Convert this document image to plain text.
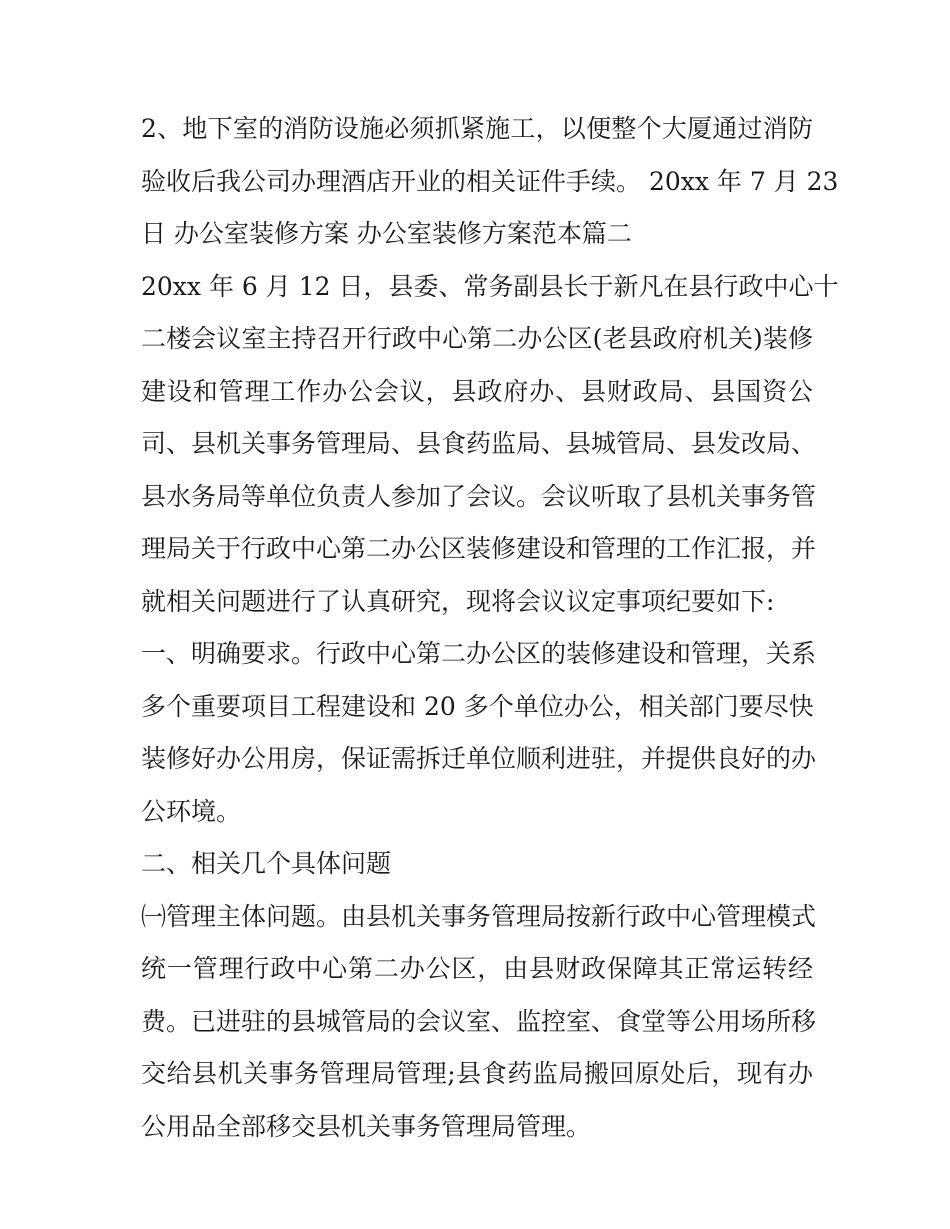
2、地下室的消防设施必须抓紧施工，以便整个大厦通过消防
验收后我公司办理酒店开业的相关证件手续。 20xx 年 7 月 23
日 办公室装修方案 办公室装修方案范本篇二
20xx 年 6 月 12 日，县委、常务副县长于新凡在县行政中心十
二楼会议室主持召开行政中心第二办公区(老县政府机关)装修
建设和管理工作办公会议，县政府办、县财政局、县国资公
司、县机关事务管理局、县食药监局、县城管局、县发改局、
县水务局等单位负责人参加了会议。会议听取了县机关事务管
理局关于行政中心第二办公区装修建设和管理的工作汇报，并
就相关问题进行了认真研究，现将会议议定事项纪要如下:
一、明确要求。行政中心第二办公区的装修建设和管理，关系
多个重要项目工程建设和 20 多个单位办公，相关部门要尽快
装修好办公用房，保证需拆迁单位顺利进驻，并提供良好的办
公环境。
二、相关几个具体问题
㈠管理主体问题。由县机关事务管理局按新行政中心管理模式
统一管理行政中心第二办公区，由县财政保障其正常运转经
费。已进驻的县城管局的会议室、监控室、食堂等公用场所移
交给县机关事务管理局管理;县食药监局搬回原处后，现有办
公用品全部移交县机关事务管理局管理。
